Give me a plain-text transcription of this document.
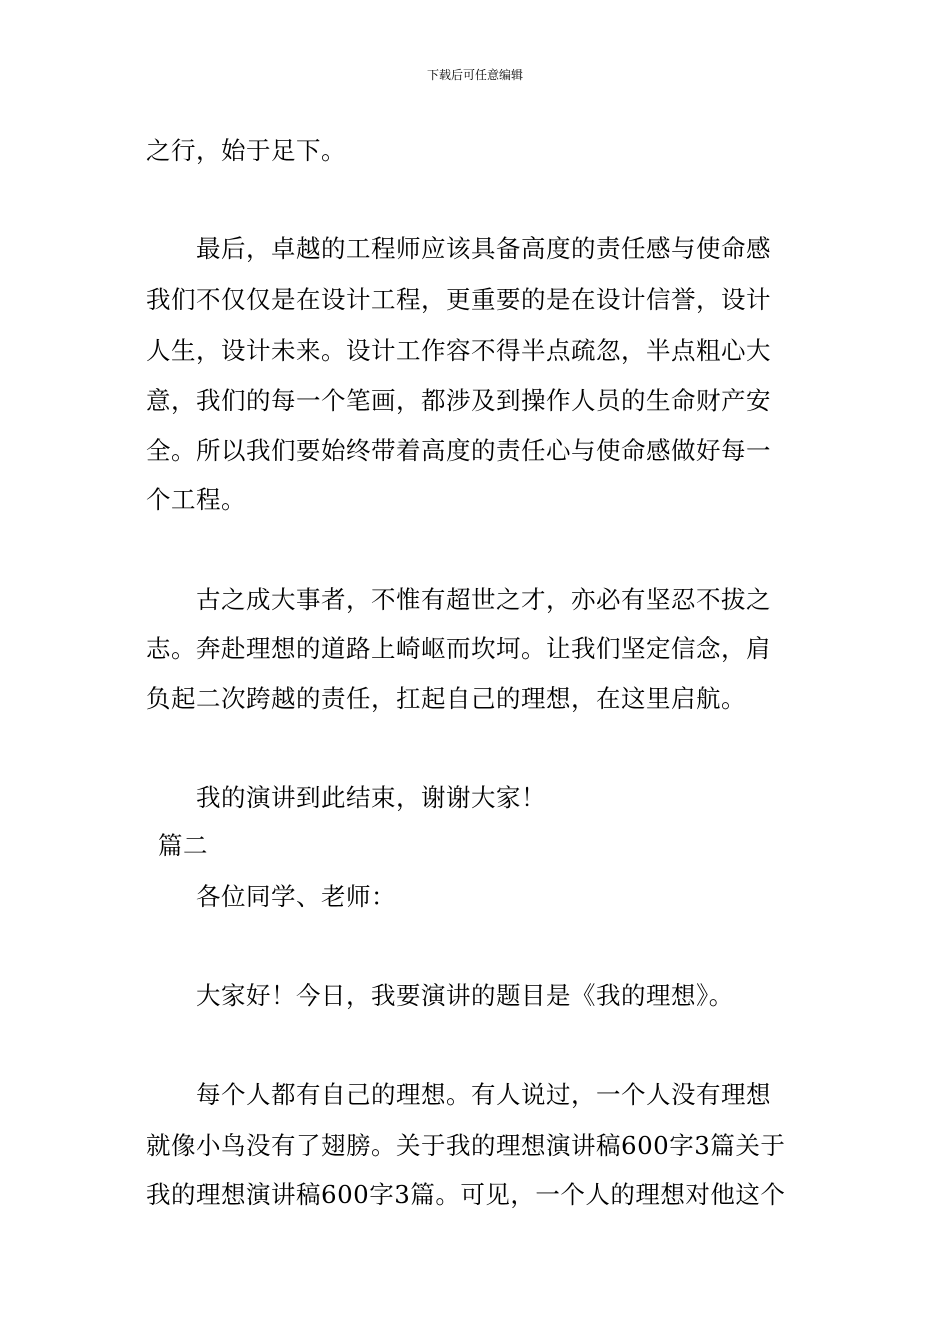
下载后可任意编辑
之行，始于足下。
最后，卓越的工程师应该具备高度的责任感与使命感
我们不仅仅是在设计工程，更重要的是在设计信誉，设计
人生，设计未来。设计工作容不得半点疏忽，半点粗心大
意，我们的每一个笔画，都涉及到操作人员的生命财产安
全。所以我们要始终带着高度的责任心与使命感做好每一
个工程。
古之成大事者，不惟有超世之才，亦必有坚忍不拔之
志。奔赴理想的道路上崎岖而坎坷。让我们坚定信念，肩
负起二次跨越的责任，扛起自己的理想，在这里启航。
我的演讲到此结束，谢谢大家！
篇二
各位同学、老师：
大家好！今日，我要演讲的题目是《我的理想》。
每个人都有自己的理想。有人说过，一个人没有理想
就像小鸟没有了翅膀。关于我的理想演讲稿600字3篇关于
我的理想演讲稿600字3篇。可见，一个人的理想对他这个
